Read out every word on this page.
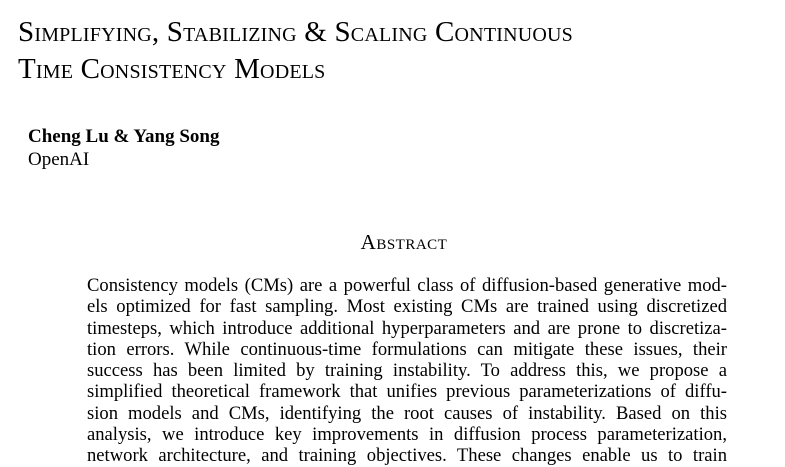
Simplifying, Stabilizing & Scaling Continuous
Time Consistency Models
Cheng Lu & Yang Song
OpenAI
Abstract
Consistency models (CMs) are a powerful class of diffusion-based generative mod-
els optimized for fast sampling. Most existing CMs are trained using discretized
timesteps, which introduce additional hyperparameters and are prone to discretiza-
tion errors. While continuous-time formulations can mitigate these issues, their
success has been limited by training instability. To address this, we propose a
simplified theoretical framework that unifies previous parameterizations of diffu-
sion models and CMs, identifying the root causes of instability. Based on this
analysis, we introduce key improvements in diffusion process parameterization,
network architecture, and training objectives. These changes enable us to train
